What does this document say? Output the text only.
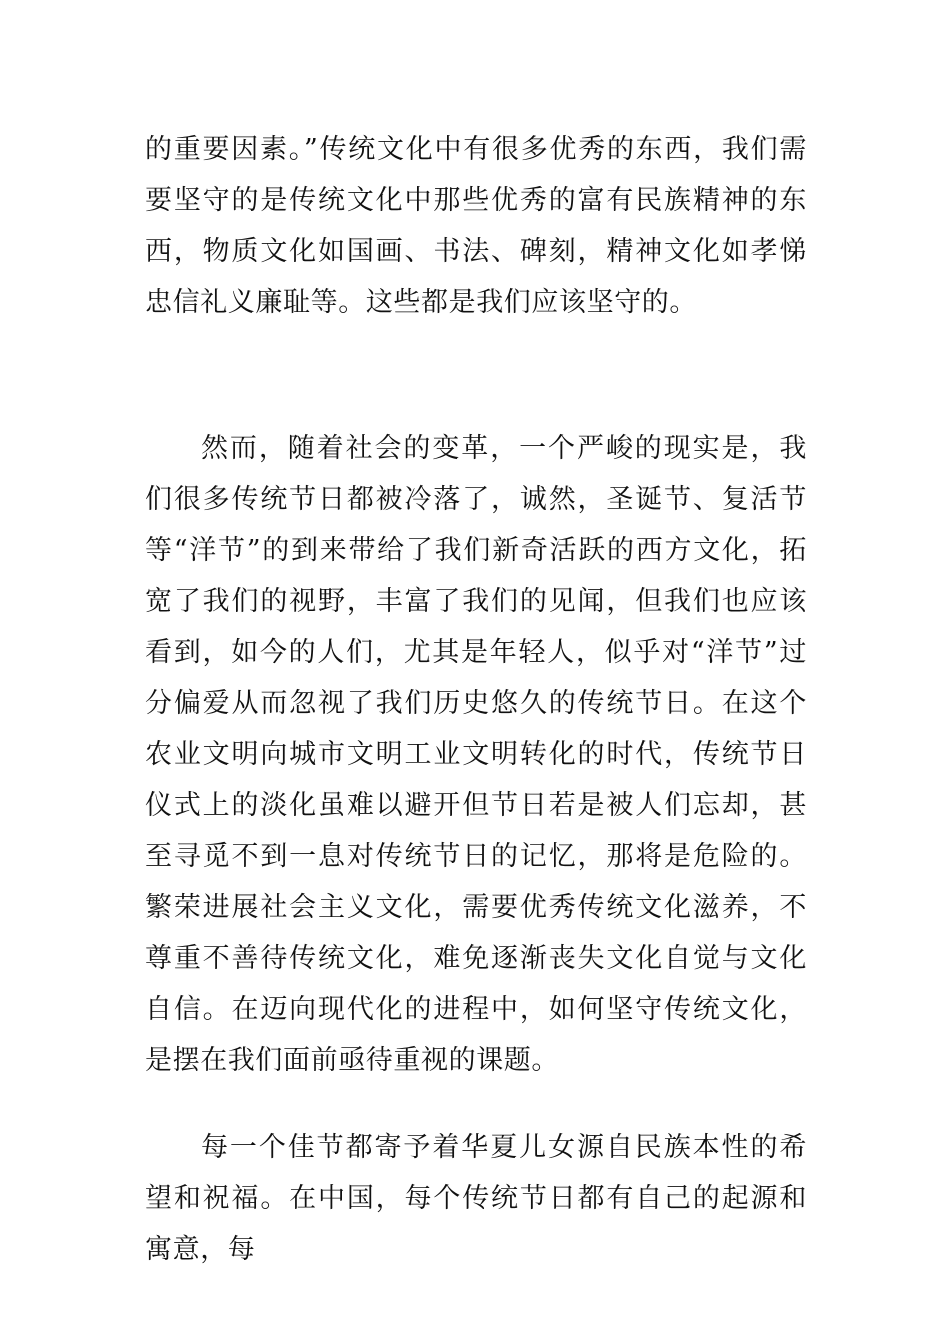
的重要因素。”传统文化中有很多优秀的东西，我们需要坚守的是传统文化中那些优秀的富有民族精神的东西，物质文化如国画、书法、碑刻，精神文化如孝悌忠信礼义廉耻等。这些都是我们应该坚守的。

然而，随着社会的变革，一个严峻的现实是，我们很多传统节日都被冷落了，诚然，圣诞节、复活节等“洋节”的到来带给了我们新奇活跃的西方文化，拓宽了我们的视野，丰富了我们的见闻，但我们也应该看到，如今的人们，尤其是年轻人，似乎对“洋节”过分偏爱从而忽视了我们历史悠久的传统节日。在这个农业文明向城市文明工业文明转化的时代，传统节日仪式上的淡化虽难以避开但节日若是被人们忘却，甚至寻觅不到一息对传统节日的记忆，那将是危险的。繁荣进展社会主义文化，需要优秀传统文化滋养，不尊重不善待传统文化，难免逐渐丧失文化自觉与文化自信。在迈向现代化的进程中，如何坚守传统文化，是摆在我们面前亟待重视的课题。

每一个佳节都寄予着华夏儿女源自民族本性的希望和祝福。在中国，每个传统节日都有自己的起源和寓意，每
